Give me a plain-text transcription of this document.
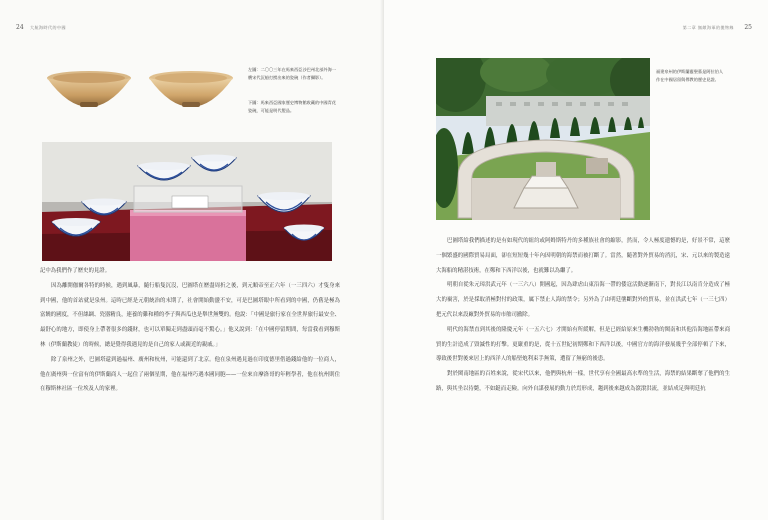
24 大航海時代的中國
左圖：二〇〇三年在馬來西亞沙巴州北部外海一艘宋代沉船打撈出來的瓷碗（作者攝影）。
下圖：馬來西亞國家歷史博物館收藏的中國青花瓷碗，可能是明代製品。

記中為我們作了歷史的見證。

因為離開伽爾各特的時候，遇到風暴，隨行船隻沉沒，巴圖塔在歷盡周折之後，到元順帝至正六年（一三四六）才隻身來到中國，他的首站就是泉州。這時已經是元朝統治的末期了，社會開始動盪不安，可是巴圖塔眼中所看到的中國，仍舊是極為富饒的國度，不但絲綢、瓷器精良，連養的雞和種的李子與西瓜也是舉世無雙的。他說：「中國是旅行家在全世界旅行最安全、最舒心的地方，即使身上帶著很多的錢財，也可以單獨走到盡頭而毫不驚心。」他又說到：「在中國停留期間，每當我看到穆斯林（伊斯蘭教徒）的時候，總是覺得我遇見的是自己的家人或親近的親戚。」

除了泉州之外，巴圖塔還到過福州、廣州和杭州，可能還到了北京。他在泉州遇見過在印度德里借過錢給他的一位商人，他在廣州與一位富有的伊斯蘭商人一起住了兩個星期，他在福州巧遇本國同胞——一位來自摩洛哥的年輕學者，他在杭州則住在穆斯林社區一位埃及人的家裡。

第二章 無敵海軍的拋物線 25
福建泉州的伊斯蘭靈聖墓是阿拉伯人作在中國居留與傳教的歷史見證。

巴圖塔給我們描述的是有如現代的紐約或阿姆斯特丹的多種族社會的縮影，然而，令人極度遺憾的是，好景不常，這麼一個繁盛的國際貿易局面，卻在短短幾十年內因明朝的海禁而被打斷了。當然，隨著對外貿易的消沉，宋、元以來的製造遠大海船的精湛技術，在鄭和下西洋以後，也就難以為繼了。

明朝自從朱元璋洪武元年（一三六八）開國起，因為肆虐山東沿海一帶的倭寇活動逐漸南下，對長江以南肯分造成了極大的禍害，於是採取消極對付的政策，厲下禁止人海的禁令；另外為了由明廷壟斷對外的貿易，並在洪武七年（一三七四）把元代以來設廠對外貿易的市舶司撤除。

明代的海禁直到其後的隆慶元年（一五六七）才開始有所緩解，但是已經給原來生機勃勃的閩南和其他沿海地區帶來商貿的生計造成了毀滅性的打擊。更嚴重的是，從十五世紀初期鄭和下西洋以後，中國官方的海洋發展幾乎全部停頓了下來，導致後世對後來居上的西洋人的船堅炮利束手無策，遭留了無窮的後患。

對於閩南地區的百姓來說，從宋代以來，他們與杭州一樣，世代享有全國最高水準的生活，海禁的結果斷奪了他們的生路，與其坐以待斃，不如鋌而走險。向外自謀發展的動力於焉形成，趨到後來越成為滾滾洪流，並結成足與明廷抗
